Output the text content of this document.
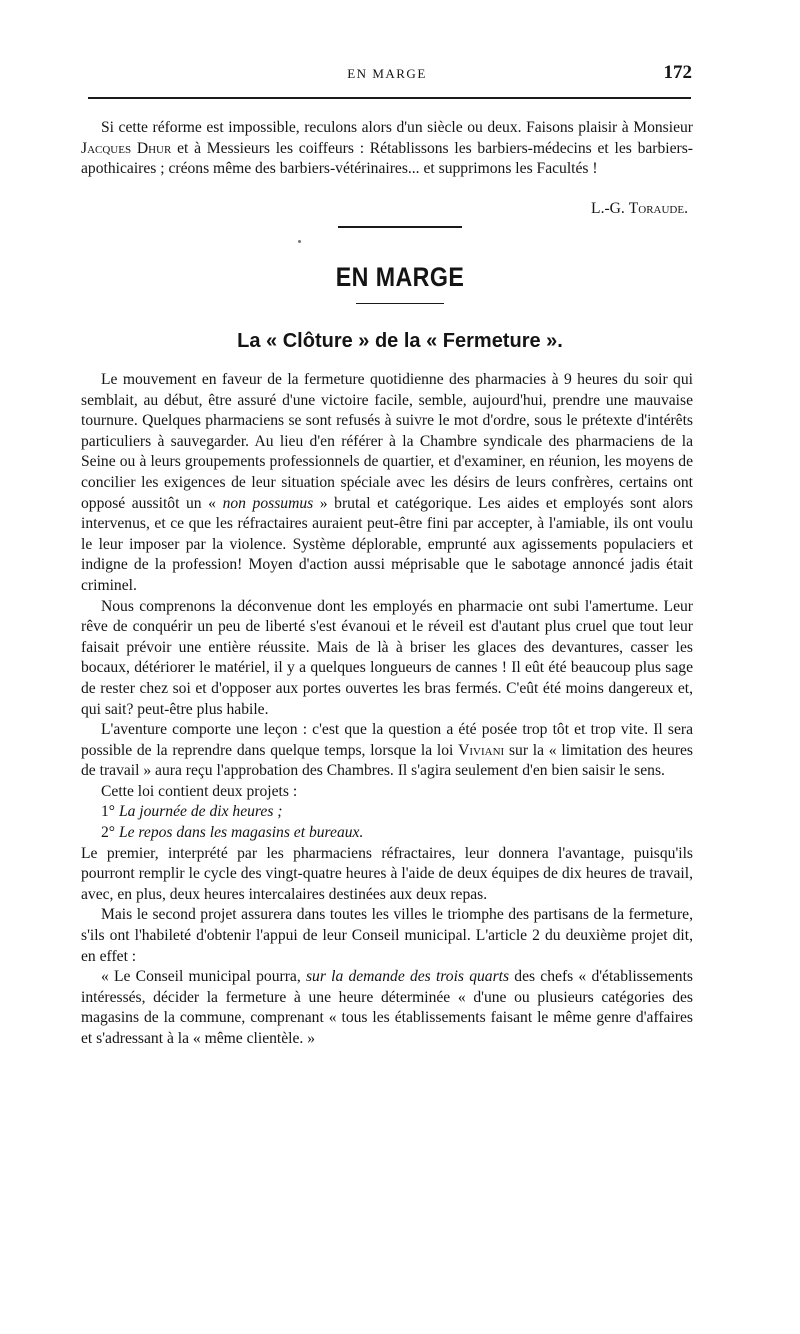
EN MARGE	172

Si cette réforme est impossible, reculons alors d'un siècle ou deux. Faisons plaisir à Monsieur Jacques Dhur et à Messieurs les coiffeurs : Rétablissons les barbiers-médecins et les barbiers-apothicaires ; créons même des barbiers-vétérinaires... et supprimons les Facultés !

L.-G. Toraude.
EN MARGE
La « Clôture » de la « Fermeture ».

Le mouvement en faveur de la fermeture quotidienne des pharmacies à 9 heures du soir qui semblait, au début, être assuré d'une victoire facile, semble, aujourd'hui, prendre une mauvaise tournure. Quelques pharmaciens se sont refusés à suivre le mot d'ordre, sous le prétexte d'intérêts particuliers à sauvegarder. Au lieu d'en référer à la Chambre syndicale des pharmaciens de la Seine ou à leurs groupements professionnels de quartier, et d'examiner, en réunion, les moyens de concilier les exigences de leur situation spéciale avec les désirs de leurs confrères, certains ont opposé aussitôt un « non possumus » brutal et catégorique. Les aides et employés sont alors intervenus, et ce que les réfractaires auraient peut-être fini par accepter, à l'amiable, ils ont voulu le leur imposer par la violence. Système déplorable, emprunté aux agissements populaciers et indigne de la profession! Moyen d'action aussi méprisable que le sabotage annoncé jadis était criminel.

Nous comprenons la déconvenue dont les employés en pharmacie ont subi l'amertume. Leur rêve de conquérir un peu de liberté s'est évanoui et le réveil est d'autant plus cruel que tout leur faisait prévoir une entière réussite. Mais de là à briser les glaces des devantures, casser les bocaux, détériorer le matériel, il y a quelques longueurs de cannes ! Il eût été beaucoup plus sage de rester chez soi et d'opposer aux portes ouvertes les bras fermés. C'eût été moins dangereux et, qui sait? peut-être plus habile.

L'aventure comporte une leçon : c'est que la question a été posée trop tôt et trop vite. Il sera possible de la reprendre dans quelque temps, lorsque la loi Viviani sur la « limitation des heures de travail » aura reçu l'approbation des Chambres. Il s'agira seulement d'en bien saisir le sens.

Cette loi contient deux projets :

1° La journée de dix heures ;

2° Le repos dans les magasins et bureaux.

Le premier, interprété par les pharmaciens réfractaires, leur donnera l'avantage, puisqu'ils pourront remplir le cycle des vingt-quatre heures à l'aide de deux équipes de dix heures de travail, avec, en plus, deux heures intercalaires destinées aux deux repas.

Mais le second projet assurera dans toutes les villes le triomphe des partisans de la fermeture, s'ils ont l'habileté d'obtenir l'appui de leur Conseil municipal. L'article 2 du deuxième projet dit, en effet :

« Le Conseil municipal pourra, sur la demande des trois quarts des chefs « d'établissements intéressés, décider la fermeture à une heure déterminée « d'une ou plusieurs catégories des magasins de la commune, comprenant « tous les établissements faisant le même genre d'affaires et s'adressant à la « même clientèle. »
